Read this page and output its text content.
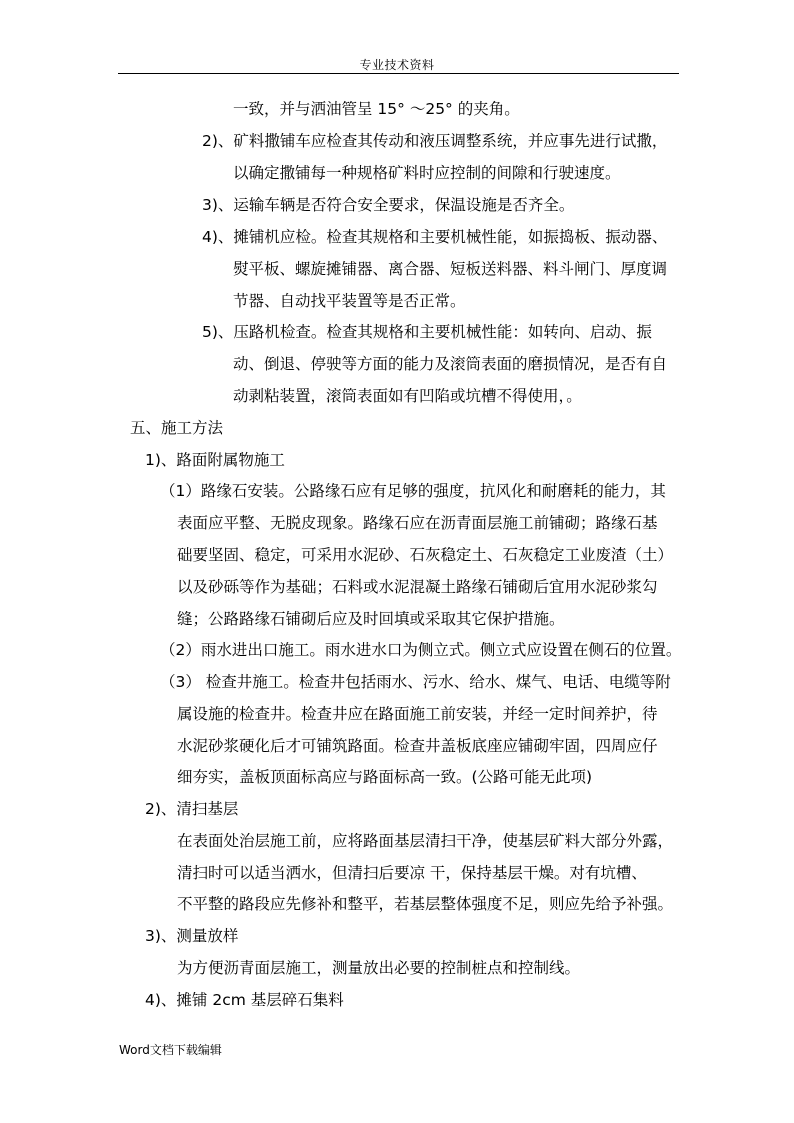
专业技术资料
一致，并与洒油管呈 15° ～25° 的夹角。
2)、矿料撒铺车应检查其传动和液压调整系统，并应事先进行试撒，
以确定撒铺每一种规格矿料时应控制的间隙和行驶速度。
3)、运输车辆是否符合安全要求，保温设施是否齐全。
4)、摊铺机应检。检查其规格和主要机械性能，如振捣板、振动器、
熨平板、螺旋摊铺器、离合器、短板送料器、料斗闸门、厚度调
节器、自动找平装置等是否正常。
5)、压路机检查。检查其规格和主要机械性能：如转向、启动、振
动、倒退、停驶等方面的能力及滚筒表面的磨损情况，是否有自
动剥粘装置，滚筒表面如有凹陷或坑槽不得使用，。
五、施工方法
1)、路面附属物施工
（1）路缘石安装。公路缘石应有足够的强度，抗风化和耐磨耗的能力，其
表面应平整、无脱皮现象。路缘石应在沥青面层施工前铺砌；路缘石基
础要坚固、稳定，可采用水泥砂、石灰稳定土、石灰稳定工业废渣（土）
以及砂砾等作为基础；石料或水泥混凝土路缘石铺砌后宜用水泥砂浆勾
缝；公路路缘石铺砌后应及时回填或采取其它保护措施。
（2）雨水进出口施工。雨水进水口为侧立式。侧立式应设置在侧石的位置。
（3） 检查井施工。检查井包括雨水、污水、给水、煤气、电话、电缆等附
属设施的检查井。检查井应在路面施工前安装，并经一定时间养护，待
水泥砂浆硬化后才可铺筑路面。检查井盖板底座应铺砌牢固，四周应仔
细夯实，盖板顶面标高应与路面标高一致。(公路可能无此项)
2)、清扫基层
在表面处治层施工前，应将路面基层清扫干净，使基层矿料大部分外露，
清扫时可以适当洒水，但清扫后要凉 干，保持基层干燥。对有坑槽、
不平整的路段应先修补和整平，若基层整体强度不足，则应先给予补强。
3)、测量放样
为方便沥青面层施工，测量放出必要的控制桩点和控制线。
4)、摊铺 2cm 基层碎石集料
Word文档下载编辑
